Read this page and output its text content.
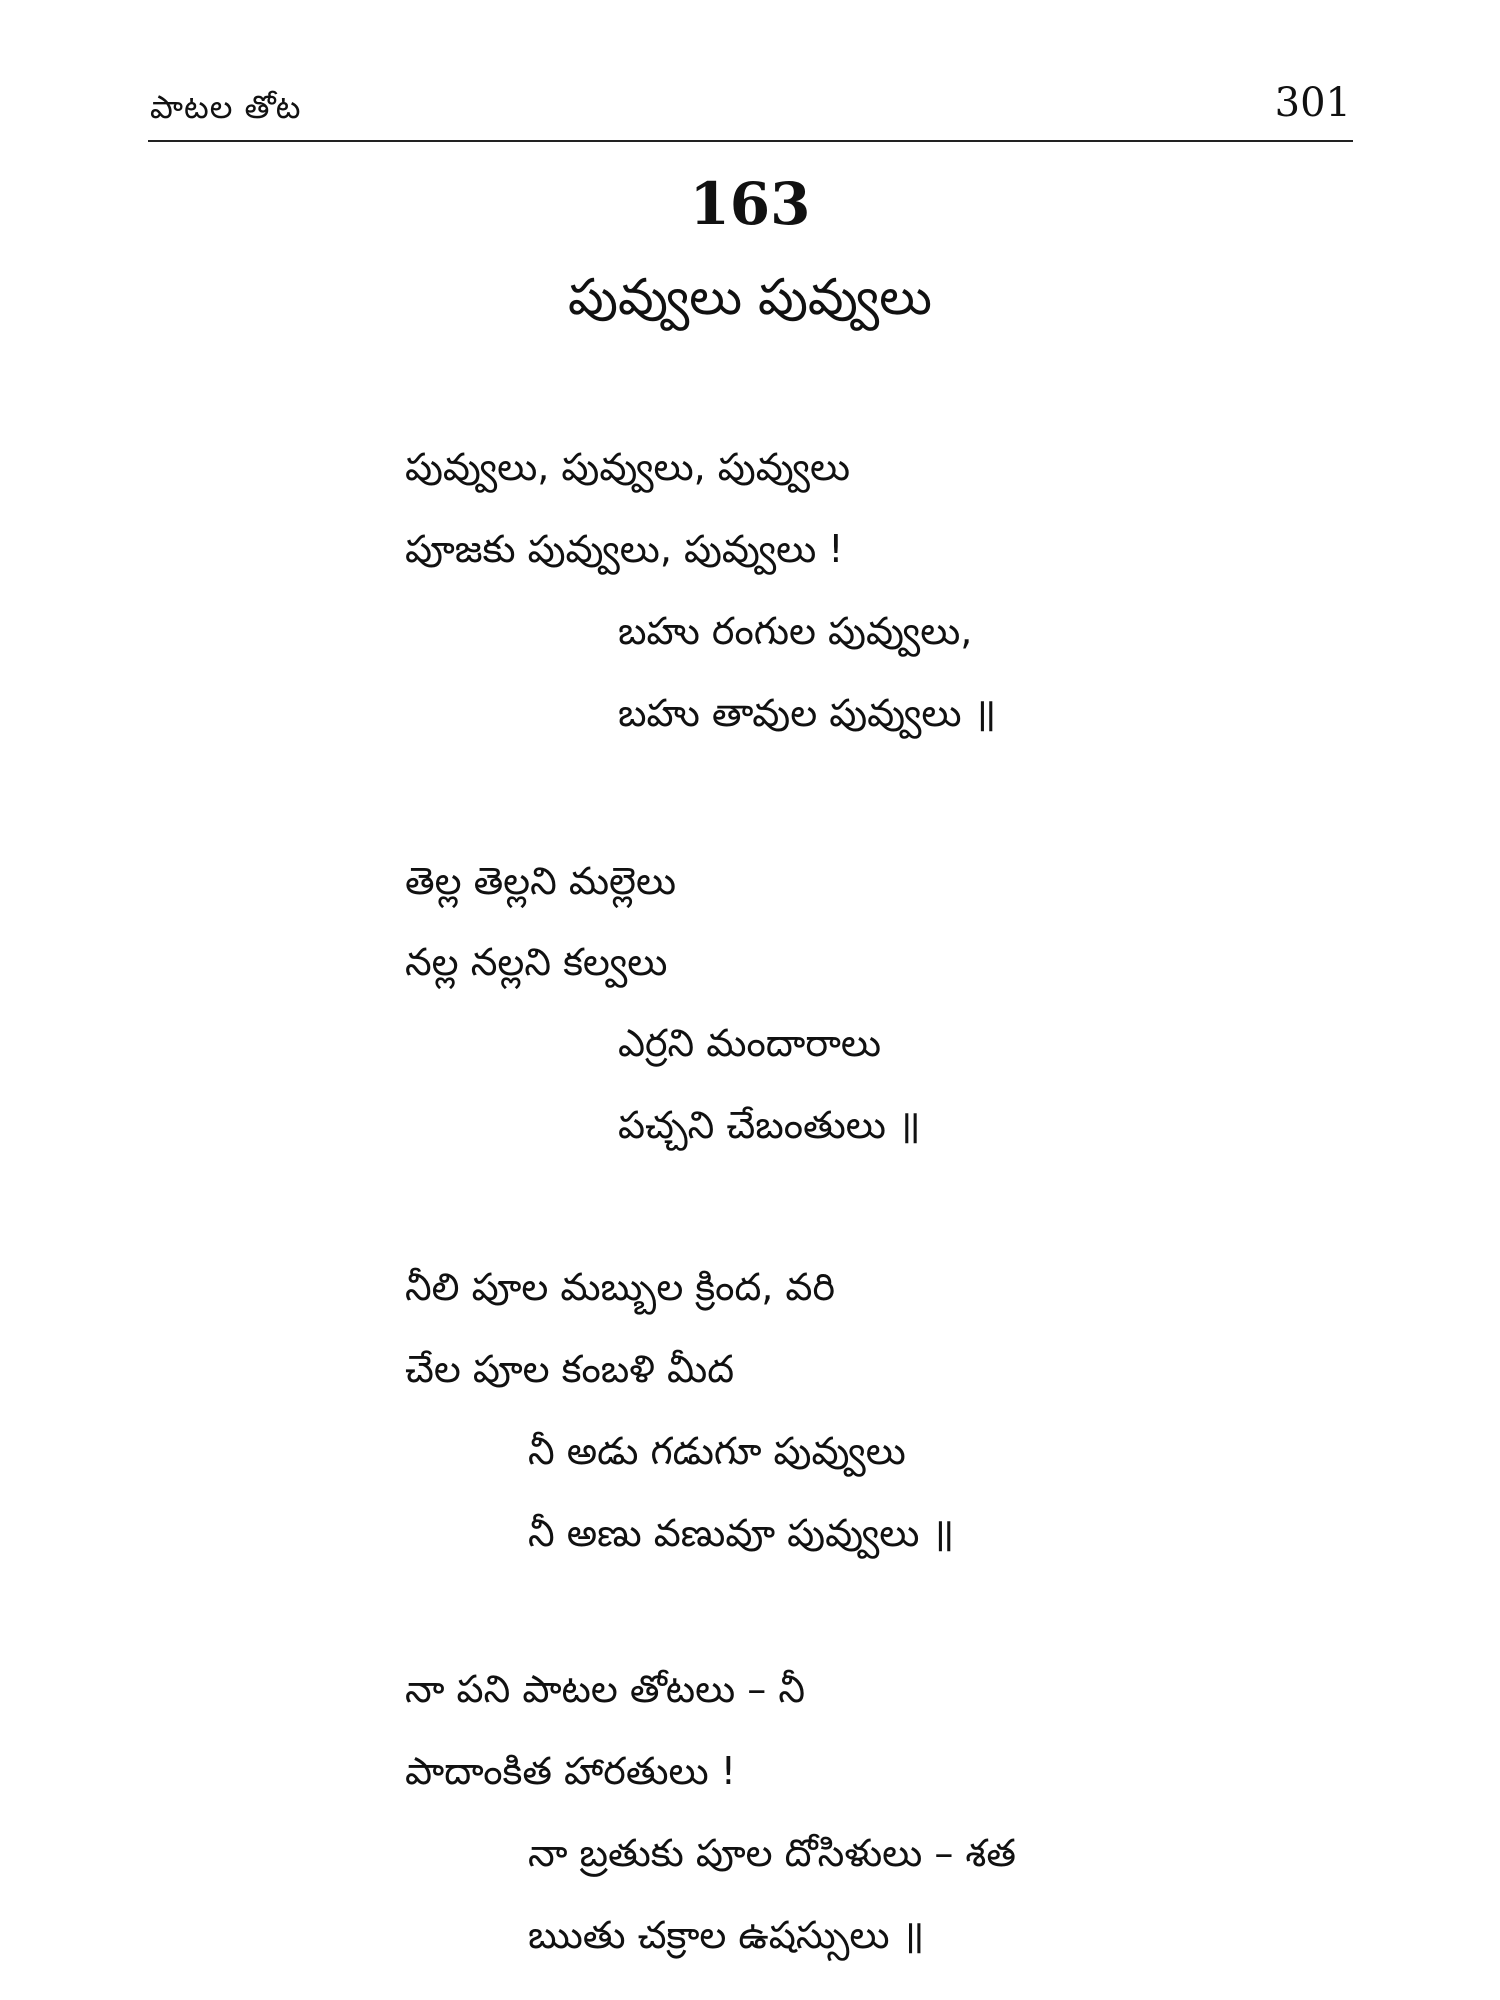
పాటల తోట	301
163
పువ్వులు పువ్వులు
పువ్వులు, పువ్వులు, పువ్వులు
పూజకు పువ్వులు, పువ్వులు !
బహు రంగుల పువ్వులు,
బహు తావుల పువ్వులు ॥
తెల్ల తెల్లని మల్లెలు
నల్ల నల్లని కల్వలు
ఎర్రని మందారాలు
పచ్చని చేబంతులు ॥
నీలి పూల మబ్బుల క్రింద, వరి
చేల పూల కంబళి మీద
నీ అడు గడుగూ పువ్వులు
నీ అణు వణువూ పువ్వులు ॥
నా పని పాటల తోటలు – నీ
పాదాంకిత హారతులు !
నా బ్రతుకు పూల దోసిళులు – శత
ఋతు చక్రాల ఉషస్సులు ॥
